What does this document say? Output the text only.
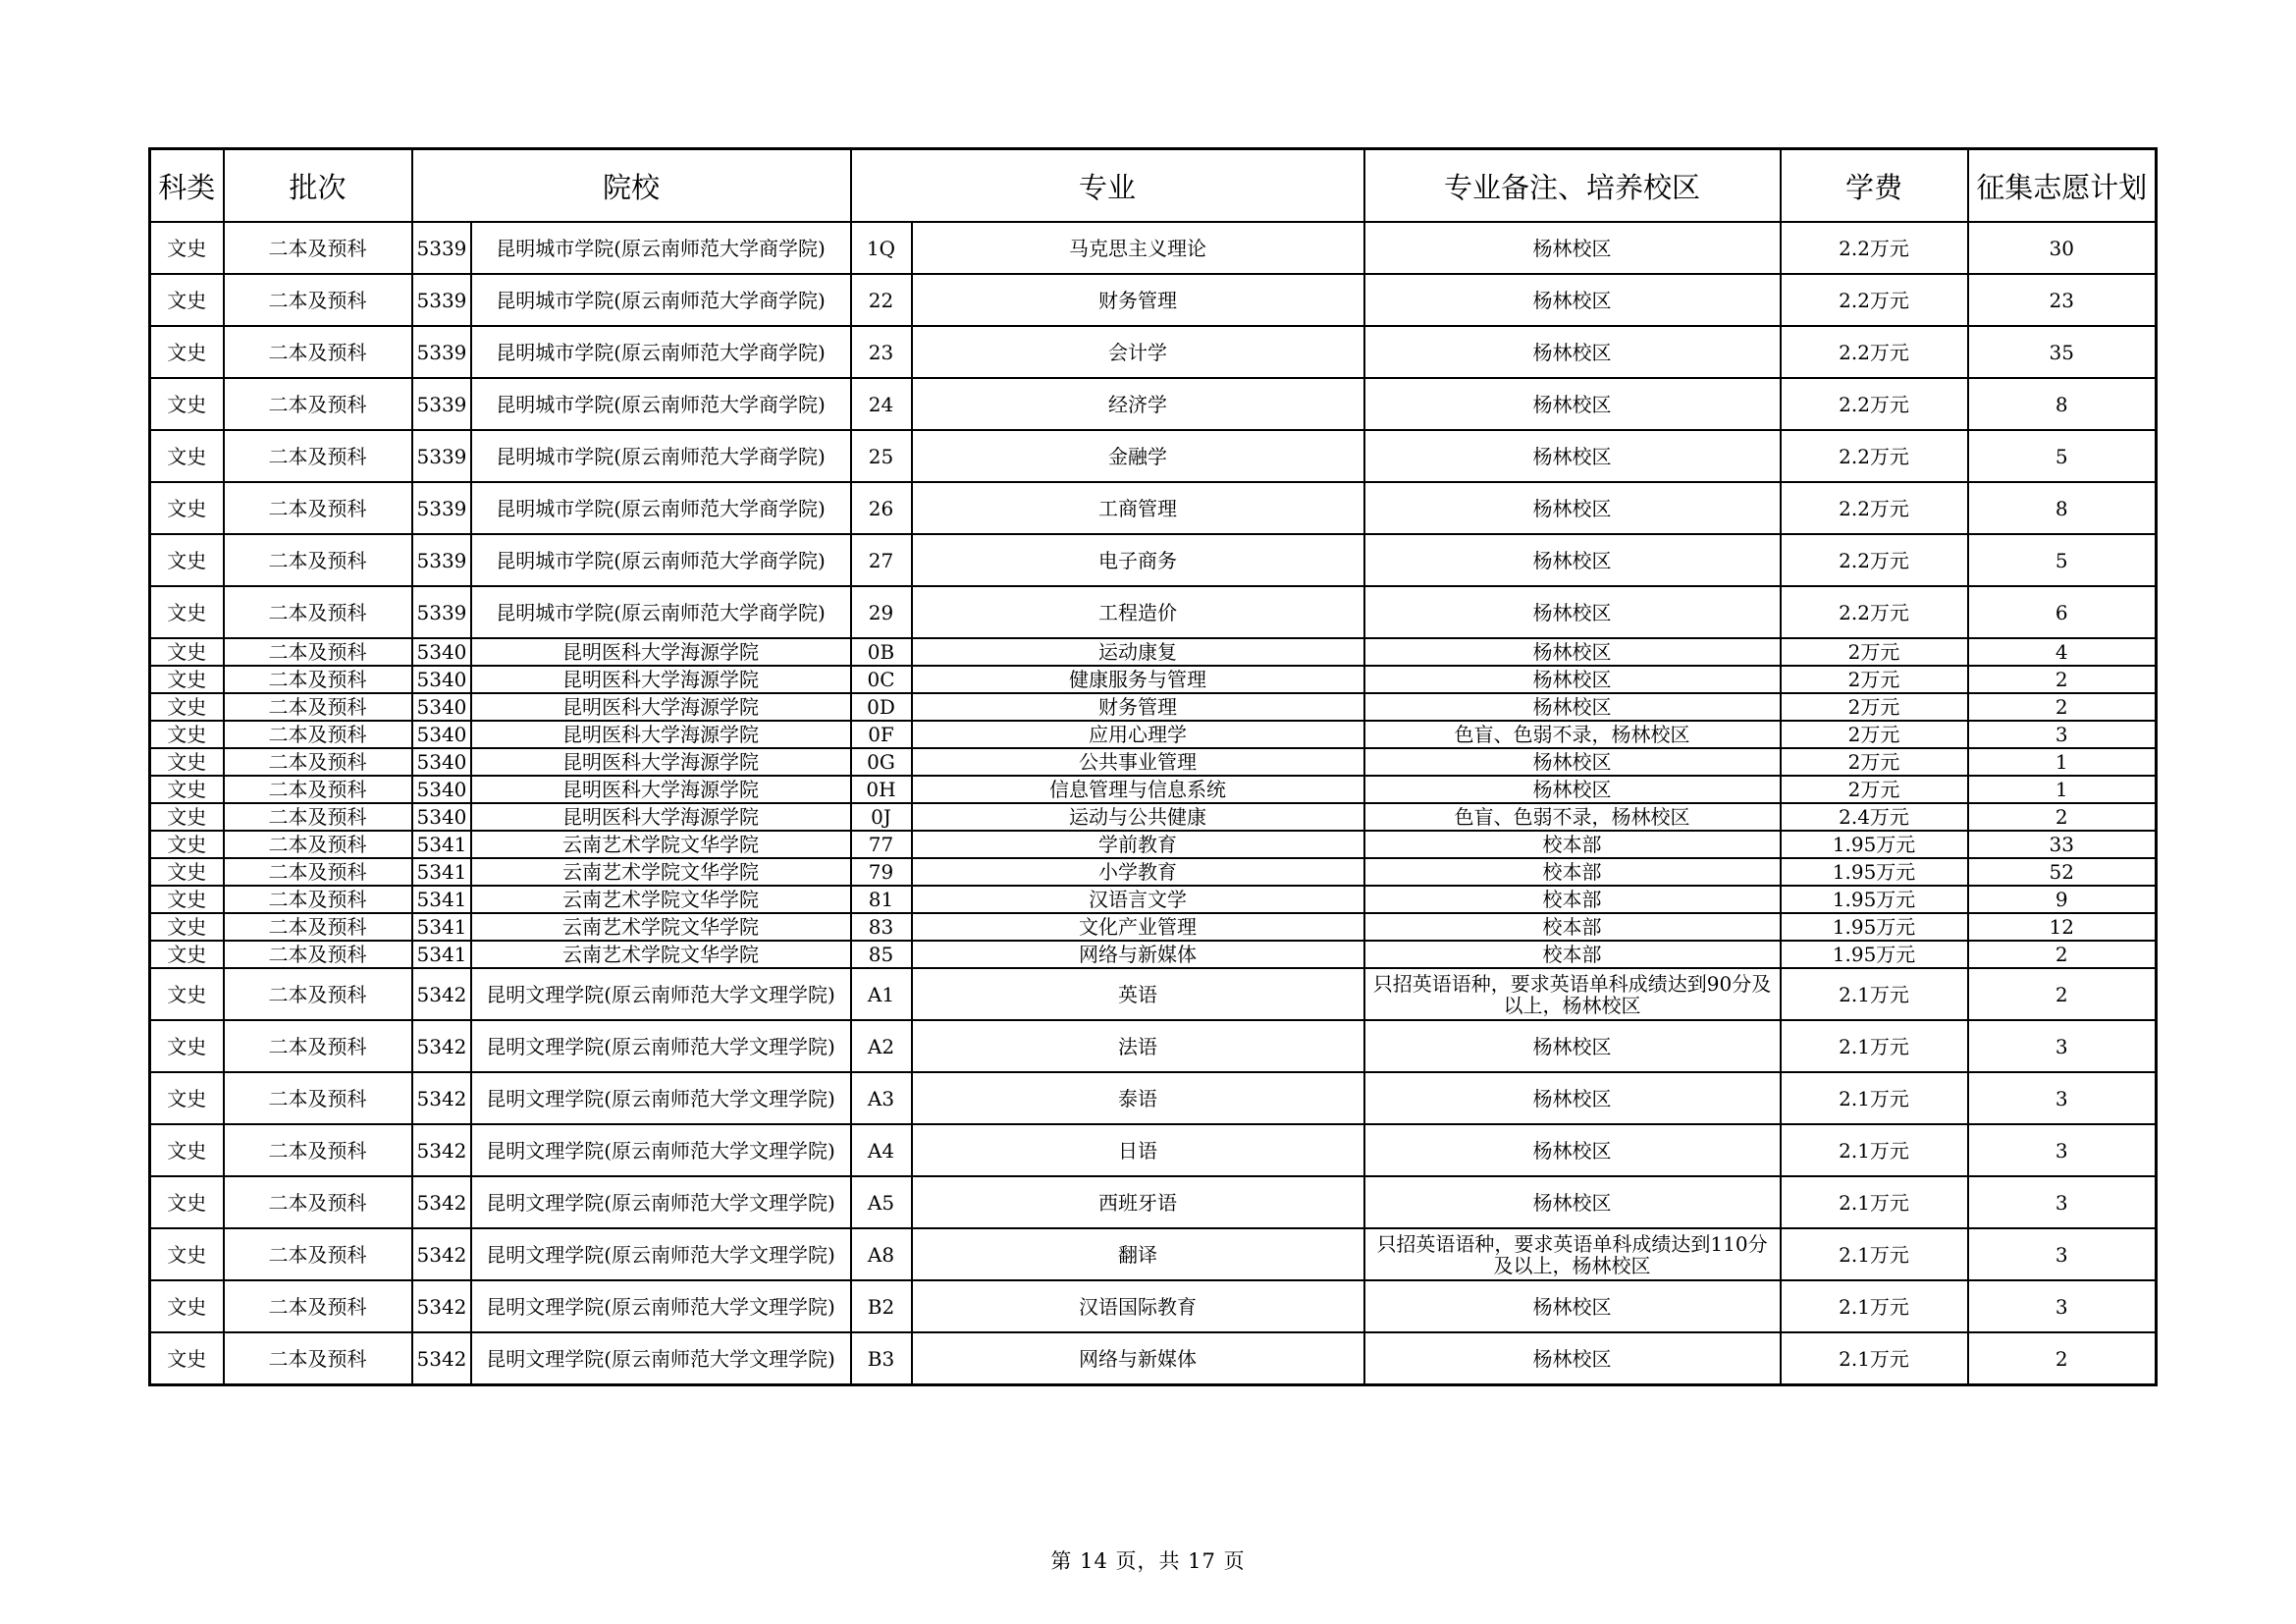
科类	批次	院校		专业		专业备注、培养校区	学费	征集志愿计划
文史	二本及预科	5339	昆明城市学院(原云南师范大学商学院)	1Q	马克思主义理论	杨林校区	2.2万元	30
文史	二本及预科	5339	昆明城市学院(原云南师范大学商学院)	22	财务管理	杨林校区	2.2万元	23
文史	二本及预科	5339	昆明城市学院(原云南师范大学商学院)	23	会计学	杨林校区	2.2万元	35
文史	二本及预科	5339	昆明城市学院(原云南师范大学商学院)	24	经济学	杨林校区	2.2万元	8
文史	二本及预科	5339	昆明城市学院(原云南师范大学商学院)	25	金融学	杨林校区	2.2万元	5
文史	二本及预科	5339	昆明城市学院(原云南师范大学商学院)	26	工商管理	杨林校区	2.2万元	8
文史	二本及预科	5339	昆明城市学院(原云南师范大学商学院)	27	电子商务	杨林校区	2.2万元	5
文史	二本及预科	5339	昆明城市学院(原云南师范大学商学院)	29	工程造价	杨林校区	2.2万元	6
文史	二本及预科	5340	昆明医科大学海源学院	0B	运动康复	杨林校区	2万元	4
文史	二本及预科	5340	昆明医科大学海源学院	0C	健康服务与管理	杨林校区	2万元	2
文史	二本及预科	5340	昆明医科大学海源学院	0D	财务管理	杨林校区	2万元	2
文史	二本及预科	5340	昆明医科大学海源学院	0F	应用心理学	色盲、色弱不录，杨林校区	2万元	3
文史	二本及预科	5340	昆明医科大学海源学院	0G	公共事业管理	杨林校区	2万元	1
文史	二本及预科	5340	昆明医科大学海源学院	0H	信息管理与信息系统	杨林校区	2万元	1
文史	二本及预科	5340	昆明医科大学海源学院	0J	运动与公共健康	色盲、色弱不录，杨林校区	2.4万元	2
文史	二本及预科	5341	云南艺术学院文华学院	77	学前教育	校本部	1.95万元	33
文史	二本及预科	5341	云南艺术学院文华学院	79	小学教育	校本部	1.95万元	52
文史	二本及预科	5341	云南艺术学院文华学院	81	汉语言文学	校本部	1.95万元	9
文史	二本及预科	5341	云南艺术学院文华学院	83	文化产业管理	校本部	1.95万元	12
文史	二本及预科	5341	云南艺术学院文华学院	85	网络与新媒体	校本部	1.95万元	2
文史	二本及预科	5342	昆明文理学院(原云南师范大学文理学院)	A1	英语	只招英语语种，要求英语单科成绩达到90分及以上，杨林校区	2.1万元	2
文史	二本及预科	5342	昆明文理学院(原云南师范大学文理学院)	A2	法语	杨林校区	2.1万元	3
文史	二本及预科	5342	昆明文理学院(原云南师范大学文理学院)	A3	泰语	杨林校区	2.1万元	3
文史	二本及预科	5342	昆明文理学院(原云南师范大学文理学院)	A4	日语	杨林校区	2.1万元	3
文史	二本及预科	5342	昆明文理学院(原云南师范大学文理学院)	A5	西班牙语	杨林校区	2.1万元	3
文史	二本及预科	5342	昆明文理学院(原云南师范大学文理学院)	A8	翻译	只招英语语种，要求英语单科成绩达到110分及以上，杨林校区	2.1万元	3
文史	二本及预科	5342	昆明文理学院(原云南师范大学文理学院)	B2	汉语国际教育	杨林校区	2.1万元	3
文史	二本及预科	5342	昆明文理学院(原云南师范大学文理学院)	B3	网络与新媒体	杨林校区	2.1万元	2
第 14 页，共 17 页
